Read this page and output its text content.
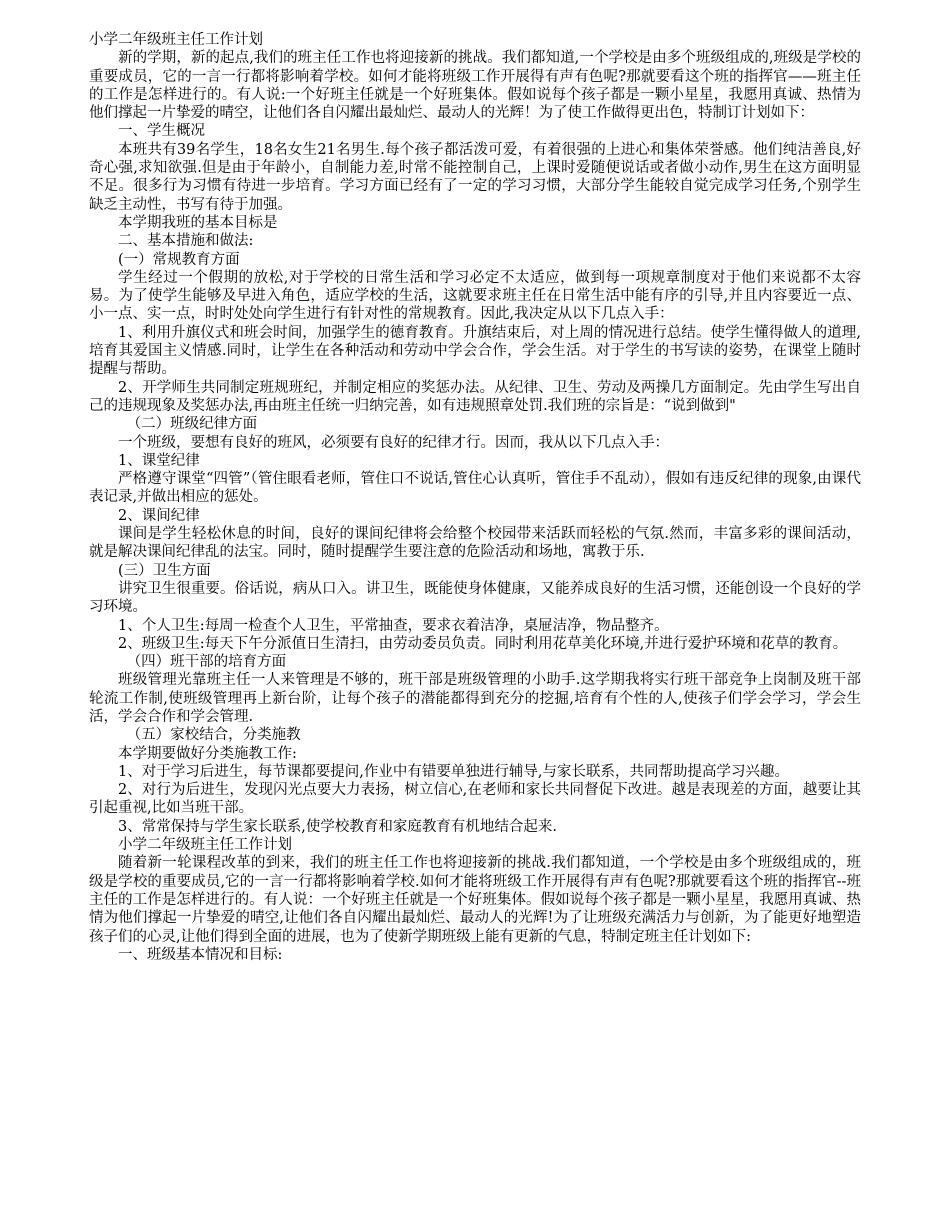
小学二年级班主任工作计划

新的学期，新的起点,我们的班主任工作也将迎接新的挑战。我们都知道,一个学校是由多个班级组成的,班级是学校的重要成员，它的一言一行都将影响着学校。如何才能将班级工作开展得有声有色呢?那就要看这个班的指挥官——班主任的工作是怎样进行的。有人说:一个好班主任就是一个好班集体。假如说每个孩子都是一颗小星星，我愿用真诚、热情为他们撑起一片挚爱的晴空，让他们各自闪耀出最灿烂、最动人的光辉！为了使工作做得更出色，特制订计划如下：

一、学生概况

本班共有39名学生，18名女生21名男生.每个孩子都活泼可爱，有着很强的上进心和集体荣誉感。他们纯洁善良,好奇心强,求知欲强.但是由于年龄小，自制能力差,时常不能控制自己，上课时爱随便说话或者做小动作,男生在这方面明显不足。很多行为习惯有待进一步培育。学习方面已经有了一定的学习习惯，大部分学生能较自觉完成学习任务,个别学生缺乏主动性，书写有待于加强。

本学期我班的基本目标是

二、基本措施和做法:

(一）常规教育方面

学生经过一个假期的放松,对于学校的日常生活和学习必定不太适应，做到每一项规章制度对于他们来说都不太容易。为了使学生能够及早进入角色，适应学校的生活，这就要求班主任在日常生活中能有序的引导,并且内容要近一点、小一点、实一点，时时处处向学生进行有针对性的常规教育。因此,我决定从以下几点入手：

1、利用升旗仪式和班会时间，加强学生的德育教育。升旗结束后，对上周的情况进行总结。使学生懂得做人的道理,培育其爱国主义情感.同时，让学生在各种活动和劳动中学会合作，学会生活。对于学生的书写读的姿势，在课堂上随时提醒与帮助。

2、开学师生共同制定班规班纪，并制定相应的奖惩办法。从纪律、卫生、劳动及两操几方面制定。先由学生写出自己的违规现象及奖惩办法,再由班主任统一归纳完善，如有违规照章处罚.我们班的宗旨是：“说到做到"

（二）班级纪律方面

一个班级，要想有良好的班风，必须要有良好的纪律才行。因而，我从以下几点入手：

1、课堂纪律

严格遵守课堂“四管”（管住眼看老师，管住口不说话,管住心认真听，管住手不乱动），假如有违反纪律的现象,由课代表记录,并做出相应的惩处。

2、课间纪律

课间是学生轻松休息的时间，良好的课间纪律将会给整个校园带来活跃而轻松的气氛.然而，丰富多彩的课间活动，就是解决课间纪律乱的法宝。同时，随时提醒学生要注意的危险活动和场地，寓教于乐.

(三）卫生方面

讲究卫生很重要。俗话说，病从口入。讲卫生，既能使身体健康，又能养成良好的生活习惯，还能创设一个良好的学习环境。

1、个人卫生:每周一检查个人卫生，平常抽查，要求衣着洁净，桌屉洁净，物品整齐。

2、班级卫生:每天下午分派值日生清扫，由劳动委员负责。同时利用花草美化环境,并进行爱护环境和花草的教育。

（四）班干部的培育方面

班级管理光靠班主任一人来管理是不够的，班干部是班级管理的小助手.这学期我将实行班干部竞争上岗制及班干部轮流工作制,使班级管理再上新台阶，让每个孩子的潜能都得到充分的挖掘,培育有个性的人,使孩子们学会学习，学会生活，学会合作和学会管理.

（五）家校结合，分类施教

本学期要做好分类施教工作:

1、对于学习后进生，每节课都要提问,作业中有错要单独进行辅导,与家长联系，共同帮助提高学习兴趣。

2、对行为后进生，发现闪光点要大力表扬，树立信心,在老师和家长共同督促下改进。越是表现差的方面，越要让其引起重视,比如当班干部。

3、常常保持与学生家长联系,使学校教育和家庭教育有机地结合起来.

小学二年级班主任工作计划

随着新一轮课程改革的到来，我们的班主任工作也将迎接新的挑战.我们都知道，一个学校是由多个班级组成的，班级是学校的重要成员,它的一言一行都将影响着学校.如何才能将班级工作开展得有声有色呢?那就要看这个班的指挥官--班主任的工作是怎样进行的。有人说：一个好班主任就是一个好班集体。假如说每个孩子都是一颗小星星，我愿用真诚、热情为他们撑起一片挚爱的晴空,让他们各自闪耀出最灿烂、最动人的光辉!为了让班级充满活力与创新，为了能更好地塑造孩子们的心灵,让他们得到全面的进展，也为了使新学期班级上能有更新的气息，特制定班主任计划如下:

一、班级基本情况和目标:
